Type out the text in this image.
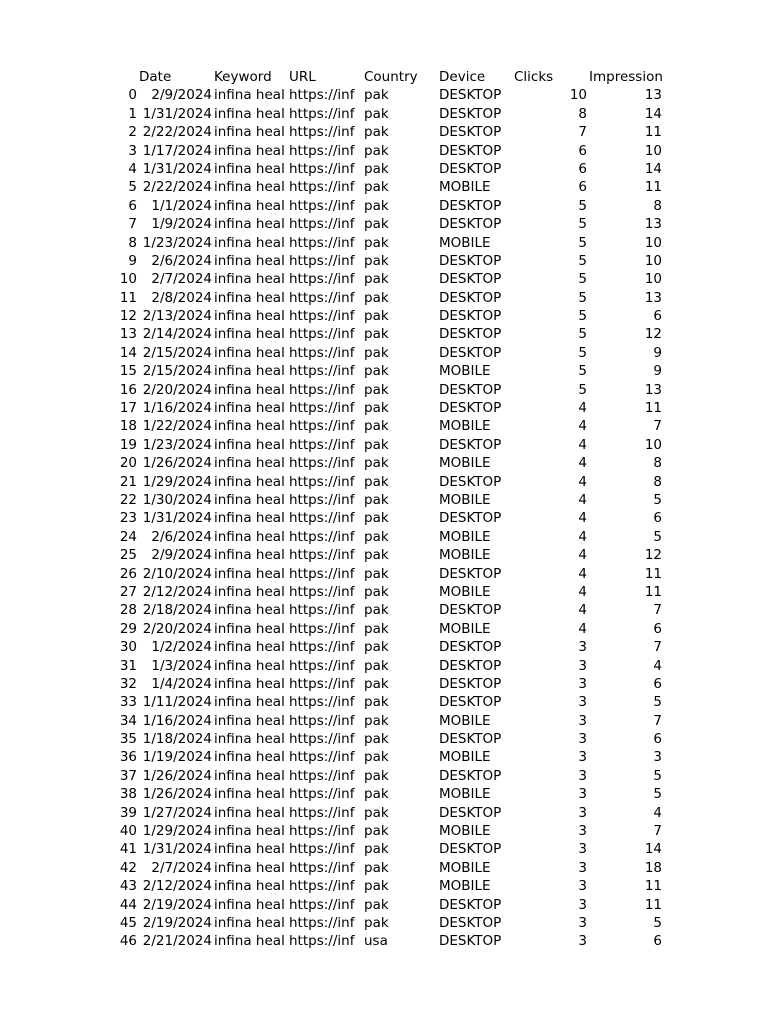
Date	Keyword	URL	Country	Device	Clicks	Impression
0	2/9/2024 infina heal https://inf pak	DESKTOP	10	13
1 1/31/2024 infina heal https://inf pak	DESKTOP	8	14
2 2/22/2024 infina heal https://inf pak	DESKTOP	7	11
3 1/17/2024 infina heal https://inf pak	DESKTOP	6	10
4 1/31/2024 infina heal https://inf pak	DESKTOP	6	14
5 2/22/2024 infina heal https://inf pak	MOBILE	6	11
6	1/1/2024 infina heal https://inf pak	DESKTOP	5	8
7	1/9/2024 infina heal https://inf pak	DESKTOP	5	13
8 1/23/2024 infina heal https://inf pak	MOBILE	5	10
9	2/6/2024 infina heal https://inf pak	DESKTOP	5	10
10	2/7/2024 infina heal https://inf pak	DESKTOP	5	10
11	2/8/2024 infina heal https://inf pak	DESKTOP	5	13
12 2/13/2024 infina heal https://inf pak	DESKTOP	5	6
13 2/14/2024 infina heal https://inf pak	DESKTOP	5	12
14 2/15/2024 infina heal https://inf pak	DESKTOP	5	9
15 2/15/2024 infina heal https://inf pak	MOBILE	5	9
16 2/20/2024 infina heal https://inf pak	DESKTOP	5	13
17 1/16/2024 infina heal https://inf pak	DESKTOP	4	11
18 1/22/2024 infina heal https://inf pak	MOBILE	4	7
19 1/23/2024 infina heal https://inf pak	DESKTOP	4	10
20 1/26/2024 infina heal https://inf pak	MOBILE	4	8
21 1/29/2024 infina heal https://inf pak	DESKTOP	4	8
22 1/30/2024 infina heal https://inf pak	MOBILE	4	5
23 1/31/2024 infina heal https://inf pak	DESKTOP	4	6
24	2/6/2024 infina heal https://inf pak	MOBILE	4	5
25	2/9/2024 infina heal https://inf pak	MOBILE	4	12
26 2/10/2024 infina heal https://inf pak	DESKTOP	4	11
27 2/12/2024 infina heal https://inf pak	MOBILE	4	11
28 2/18/2024 infina heal https://inf pak	DESKTOP	4	7
29 2/20/2024 infina heal https://inf pak	MOBILE	4	6
30	1/2/2024 infina heal https://inf pak	DESKTOP	3	7
31	1/3/2024 infina heal https://inf pak	DESKTOP	3	4
32	1/4/2024 infina heal https://inf pak	DESKTOP	3	6
33 1/11/2024 infina heal https://inf pak	DESKTOP	3	5
34 1/16/2024 infina heal https://inf pak	MOBILE	3	7
35 1/18/2024 infina heal https://inf pak	DESKTOP	3	6
36 1/19/2024 infina heal https://inf pak	MOBILE	3	3
37 1/26/2024 infina heal https://inf pak	DESKTOP	3	5
38 1/26/2024 infina heal https://inf pak	MOBILE	3	5
39 1/27/2024 infina heal https://inf pak	DESKTOP	3	4
40 1/29/2024 infina heal https://inf pak	MOBILE	3	7
41 1/31/2024 infina heal https://inf pak	DESKTOP	3	14
42	2/7/2024 infina heal https://inf pak	MOBILE	3	18
43 2/12/2024 infina heal https://inf pak	MOBILE	3	11
44 2/19/2024 infina heal https://inf pak	DESKTOP	3	11
45 2/19/2024 infina heal https://inf pak	DESKTOP	3	5
46 2/21/2024 infina heal https://inf usa	DESKTOP	3	6
